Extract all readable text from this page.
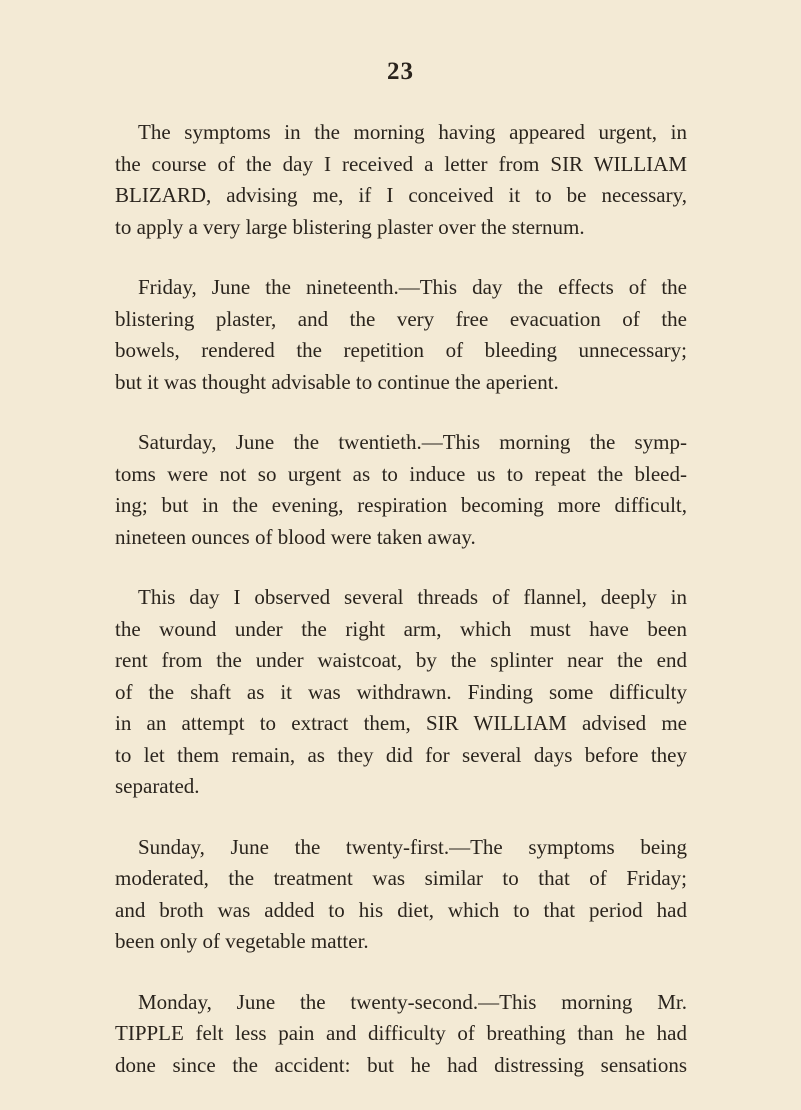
23
The symptoms in the morning having appeared urgent, in
the course of the day I received a letter from SIR WILLIAM
BLIZARD, advising me, if I conceived it to be necessary,
to apply a very large blistering plaster over the sternum.
Friday, June the nineteenth.—This day the effects of the
blistering plaster, and the very free evacuation of the
bowels, rendered the repetition of bleeding unnecessary;
but it was thought advisable to continue the aperient.
Saturday, June the twentieth.—This morning the symp-
toms were not so urgent as to induce us to repeat the bleed-
ing; but in the evening, respiration becoming more difficult,
nineteen ounces of blood were taken away.
This day I observed several threads of flannel, deeply in
the wound under the right arm, which must have been
rent from the under waistcoat, by the splinter near the end
of the shaft as it was withdrawn. Finding some difficulty
in an attempt to extract them, SIR WILLIAM advised me
to let them remain, as they did for several days before they
separated.
Sunday, June the twenty-first.—The symptoms being
moderated, the treatment was similar to that of Friday;
and broth was added to his diet, which to that period had
been only of vegetable matter.
Monday, June the twenty-second.—This morning Mr.
TIPPLE felt less pain and difficulty of breathing than he had
done since the accident: but he had distressing sensations
